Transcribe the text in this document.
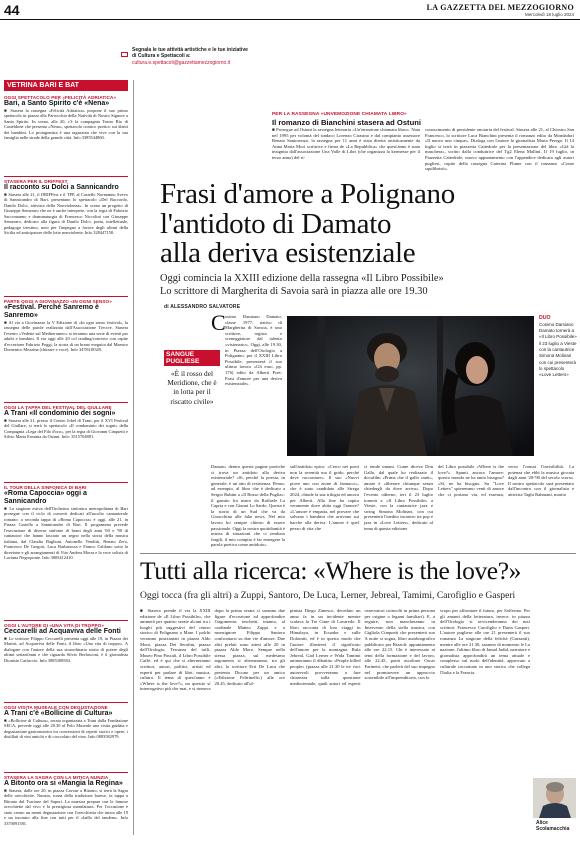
44	LA GAZZETTA DEL MEZZOGIORNO
Mercoledì 18 luglio 2024
Segnala le tue attività artistiche e le tue iniziative
di Cultura e Spettacoli a:
cultura.e.spettacoli@gazzettamezzogiorno.it
VETRINA BARI E BAT
OGGI SPETTACOLO PER «FELICITÀ ADRIATICA»
Bari, a Santo Spirito c'è «Nena»
■ Stasera la rassegna «Felicità Adriatica» propone il suo primo spettacolo in piazza alla Parrocchia della Natività di Nostro Signore a Santo Spirito. In scena, alle 20, c'è la compagnia Teatro Rio di Casteldone che presenta «Nena», spettacolo comico poetico sui diritti dei bambini. Lo protagonista è una ragazzina che vive con la sua famiglia nelle strade della grande città. Info 3385544860.
STASERA PER IL DRIFFEST
Il racconto su Dolci a Sannicandro
■ Stasera alle 21, il DRIFFest e il TPP, al Castello Normanno Svevo di Sannicandro di Bari, presentano lo spettacolo «Del Raccordo, Danilo Dolci, attivista della Nonviolenza». In scena un progetto di Giuseppe Semeraro che ne è anche interprete, con la regia di Fabrizio Saccomanno e drammaturgia di Francesco Niccolini con Giuseppe Semeraro, dedicato alla figura di Danilo Dolci, poeta, intellettuale, pedagogo triestino, noto per l'impegno a favore degli ultimi della Sicilia ed anticipatore delle lotte nonviolente. Info 328447158.
PARTE OGGI A GIOVINAZZO «IN OGNI SENSO»
«Festival. Perché Sanremo è Sanremo»
■ Al via a Giovinazzo la V Edizione di «In ogni senso festival», la rassegna delle parole realizzata dall'Associazione Treccre. Stasera l'evento «Vedette sul Mediterraneo» si terranno una serie di eventi per adulti e bambini. Il via oggi alle 20 col reading/concerto con ospite d'eccezione Fabrizio Poggi, la storia di un brano eseguita dal Maestro Domenico Mezzina (chitarre e voce). Info 3478418349.
OGGI LA TAPPA DEL FESTIVAL DEL GIULLARE
A Trani «Il condominio dei sogni»
■ Stasera alle 21, presso il Centro Jobel di Trani, per il XVI Festival del Giullare, si terrà lo spettacolo «Il condominio dei sogni» della Compagnia «Lega del Filo d'oro», per la regia di Giovanni Cinquetti e Silvio Maria Erminia da Ostuni. Info: 3515704881.
IL TOUR DELLA SINFONICA DI BARI
«Roma Capoccia» oggi a Sannicandro
■ La stagione estiva dell'Orchestra sinfonica metropolitana di Bari prosegue con il ciclo di concerti dedicati all'ascolto cantautorale romano: a seconda tappa di «Roma Capoccia» è oggi, alle 21, in Piazza Castello a Sannicandro di Bari. Il programma prevede l'esecuzione di diverse sinfonie di brani degli anni '60 e '90 di cantautori che hanno lasciato un segno nella storia della musica italiana, dal Claudio Baglioni, Antonello Venditti, Renato Zero, Francesco De Gregori, Luca Barbarossa e Franco Califano sotto la direzione e gli arrangiamenti di Vito Andrea Morra e la voce solista di Luciana Negroponte. Info 3805412410.
OGGI L'AUTORE DI «UNA VITA DI TROPPO»
Ceccarelli ad Acquaviva delle Fonti
■ Lo scrittore Filippo Ceccarelli presenta oggi alle 19, in Piazza dei Martiri, ad Acquaviva delle Fonti, il libro «Una vita di troppo». A dialogare con l'autore della sua straordinaria storia di potere degli ultimi settant'anni e che riguarda Silvio Berlusconi, è il giornalista Dionisio Carluccio. Info 3885308584.
OGGI VISITA MUSEALE CON DEGUSTAZIONE
A Trani c'è «Bollicine di Cultura»
■ «Bollicine di Cultura», serata organizzata a Trani dalla Fondazione SECA, prevede oggi alle 20.30 al Polo Museale una visita guidata e degustazione gastronomica tra concessioni di reperti storici e opere, i distillati di vini antichi e di cioccolato del vino. Info 0883582979.
STASERA LA SAGRA CON LA MITICA NUNZIA
A Bitonto ora si «Mangia la Regina»
■ Stasera, dalle ore 20, in piazza Cavour a Bitonto, si terrà la Sagra delle orecchiette. Nunzia, icona della tradizione barese, fa tappa a Bitonto dal Torrione del Sapori. La maestra prepara con le famose orecchiette dal vivo e la prestigiosa manifattura. Per l'occasione è stato creato un menù degustazione con l'orecchietta che inizia alle 19 e un incontro alla fine con tutti per il «ballo del tandem». Info 3370091581.
PER LA RASSEGNA «UNVEMOZIONE CHIAMATA LIBRO»
Il romanzo di Bianchini stasera ad Ostuni
■ Prosegue ad Ostuni la rassegna letteraria «Un'emozione chiamata libro». Nata nel 1995 per volontà del sindaco Lorenzo Cirasino e dal compianto assessore Renato Santoronzo, la rassegna per 11 anni è stata diretta artisticamente da Anna Maria Mori scrittrice e firma de «La Repubblica» che quest'anno è stata insignita dall'associazione Una Valle di Libri (che organizza la kermesse per il terzo anno) del ri-
conoscimento di presidente onoraria del festival. Stasera alle 21, al Chiostro San Francesco, lo scrittore Luca Bianchini presenta il romanzo edito da Mondadori «Il nuovo uno cinque». Dialoga con l'autore la giornalista Marta Perego. Il 14 luglio si terrà in piazzetta Cattedrale per la presentazione del libro «Già la maschera», scritto dalla conduttrice del Tg2 Elena Mallini. Il 19 luglio, in Piazzetta Cattedrale, nuovo appuntamento con l'appendice dedicata agli autori pugliesi, ospite della rassegna Caterina Flume con il romanzo «Come squilibristi».
Frasi d'amore a Polignano
l'antidoto di Damato
alla deriva esistenziale
Oggi comincia la XXIII edizione della rassegna «Il Libro Possibile»
Lo scrittore di Margherita di Savoia sarà in piazza alle ore 19.30
di ALESSANDRO SALVATORE
C osimo Damiano Damato, classe 1977, nativo di Margherita di Savoia, è uno scrittore, regista e sceneggiatore dal talento «visionario». Oggi, alle 19.30, in Piazza dell'Orologio a Polignano, per il XXIII Libro Possibile, presenterà il suo ultimo lavoro «Gli euro, pp. 176) edito da Alberti Poet: Frasi d'amore per una deriva esistenziale».
SANGUE PUGLIESE
«È il rosso del Meridione, che è in lotta per il riscatto civile»
DUO
Cosimo Damiano Damato tornerà a «Il Libro Possibile» il 23 luglio a Vieste con la cantautrice Simona Molinari con cui presenterà lo spettacolo «Love Letters»
Damato, dentro queste pagine poetiche ci trova un antidoto alla deriva esistenziale? «Sì, perché la poesia, in generale, è un atto di resistenza. Penso, ad esempio, al libro che è dedicato a Sergio Rubini a «Il Rosso della Puglia»: il gomito fra teatro da Raffaele La Capria e con Gianni Lo Sardo. Questa è la storia di un Sud che va da Gioacchino alle fake news. Nel mio lavoro ho sempre chiesto di essere passionale. Oggi la nostra quotidianità è intrisa di situazioni che ci rendono fragili, il mio compito è far emergere la parola poetica come antidoto».
sull'antidoto epico: «Cerco nei poeti non la serenità ma il grido, perché deve raccontare». Il suo «Nuovi piove uno con zione di Jannacci», che è stato candidato alle Strega 2024, chiude la sua trilogia ed ancora per Alberti. Alla fine ha capito veramente dove abita oggi l'amore? «L'amore è empatia, nel provare che salvano i bambini che arrivano sui barche alla deriva. L'amore è quel pezzo di vita che
ci rende umani. Come diceva Don Gallo, dal quale ho realizzato il docufilm «Prima che il gallo canti», amare è «liberare chiunque senza chiedergli da dove arriva». Dopo l'evento odierno, ieri il 23 luglio tornerà a «Il Libro Possibile» a Vieste, con la cantautrice jazz e swing Simona Molinari, con cui presenterà l'inedito incontro tra pop e jazz in «Love Letters», dedicato al tema di questa edizione
del Libro possibile «Where is the love?». Spunti ancora l'amore: questo mondo ne ha tanto bisogno? «Sì, ne ha bisogno. Su "Love Letters" spieremmo venti di amore che ci portano via, ed essenza, verso l'ormai l'invisibilità. La potenza che ebbi la musica giocata dagli anni '20-'90 del secolo scorso. Il nostro spettacolo sarà presentato dall'incontro con il giornalista e attivista Taghi Rahmani, marito
Tutti alla ricerca: «Where is the love?»
Oggi tocca (fra gli altri) a Zuppi, Santoro, De Luca, Lerner, Jebreal, Tamimi, Carofiglio e Gasperi
■ Stasera prende il via la XXIII edizione de «Il Libro Possibile», che animerà per quattro serate alcuni tra i luoghi più suggestivi del centro storico di Polignano a Mare. I palchi verranno posizionati in piazza Aldo Moro, piazza Dei Serafini, piazza dell'Orologio, Terrazza del tuffi, Museo Pino Pascali, il Libro Possibile Caffè, ed è qui che si alterneranno scrittori, autori, politici, artisti ed esperti per parlare di libri, musica, cultura. Il tema di quest'anno è «Where is the love?», un quesito sì interrogativo più che mai, e si rinnova dopo la prima serata ci saranno due figure d'eccezione ad approfondire l'argomento: teschetti, intanto, al cardinale Matteo Zuppi e a monsignore Filippo Santoro confrontarsi su due vie d'amore. Due altri prelati sono attesi alle 20 in piazza Aldo Moro. Sempre nella stessa piazza, sul medesimo argomento si alterneranno, tra gli altri, lo scrittore Erri De Luca che presenta Dicono per un amico («Edizione Feltrinelli») alle ore 20.45, dedicato all'ul-
pinista Diego Zanesco, deceduto un anno fa in un incidente mentre scalava la Tre Cime di Lavaredo. Il libro racconta di loro viaggi in Himalaya, in Ecuador e sulle Dolomiti, ed è in questo modo che l'autore illustrerà il significato dell'amore per la montagna. Rula Jebreal, Gad Lerner e Wida Tamimi animeranno il dibattito «People killed people» (piazza alle 21.30 le tre voci autorevoli provveranno a fare chiarezza sulla questione mediorientale, quali autori ed esperti osservatori coinvolti in prima persona per origine o legami familiari). E, a seguire, non mancheranno in Intervento della stella musica, con Gigliola Cinquetti che presenterà suo A noite si sogna, libro autobiografico pubblicato per Rizzoli: appuntamento alle ore 22.15. Chi è interessato ai temi della formazione e del lavoro, alle 22.45, potrà ascoltare Oscar Farinetti, che parlerà del suo impegno nel promuovere un approccio sostenibile all'imprenditoria, con lo
scopo per affrontare il futuro, per Solferino. Per gli amanti della letteratura, invece, in piazza dell'Orologio si avvicenderanno dei noti scrittori: Francesco Carofiglio e Daria Gasperi. L'autore pugliese alle ore 21 presenterà il suo romanzo La stagione della felicità (Garzanti), mentre alle ore 21.30, saranno di momento le La nazione, l'ultimo libro di Jamal Jadid, narratore e giornalista approfondirà un tema attuale e complesso sul ruolo dell'identità, approvato a culturale raccontato in uno storico che collega l'Italia e la Francia.
Alice Scolamacchia
